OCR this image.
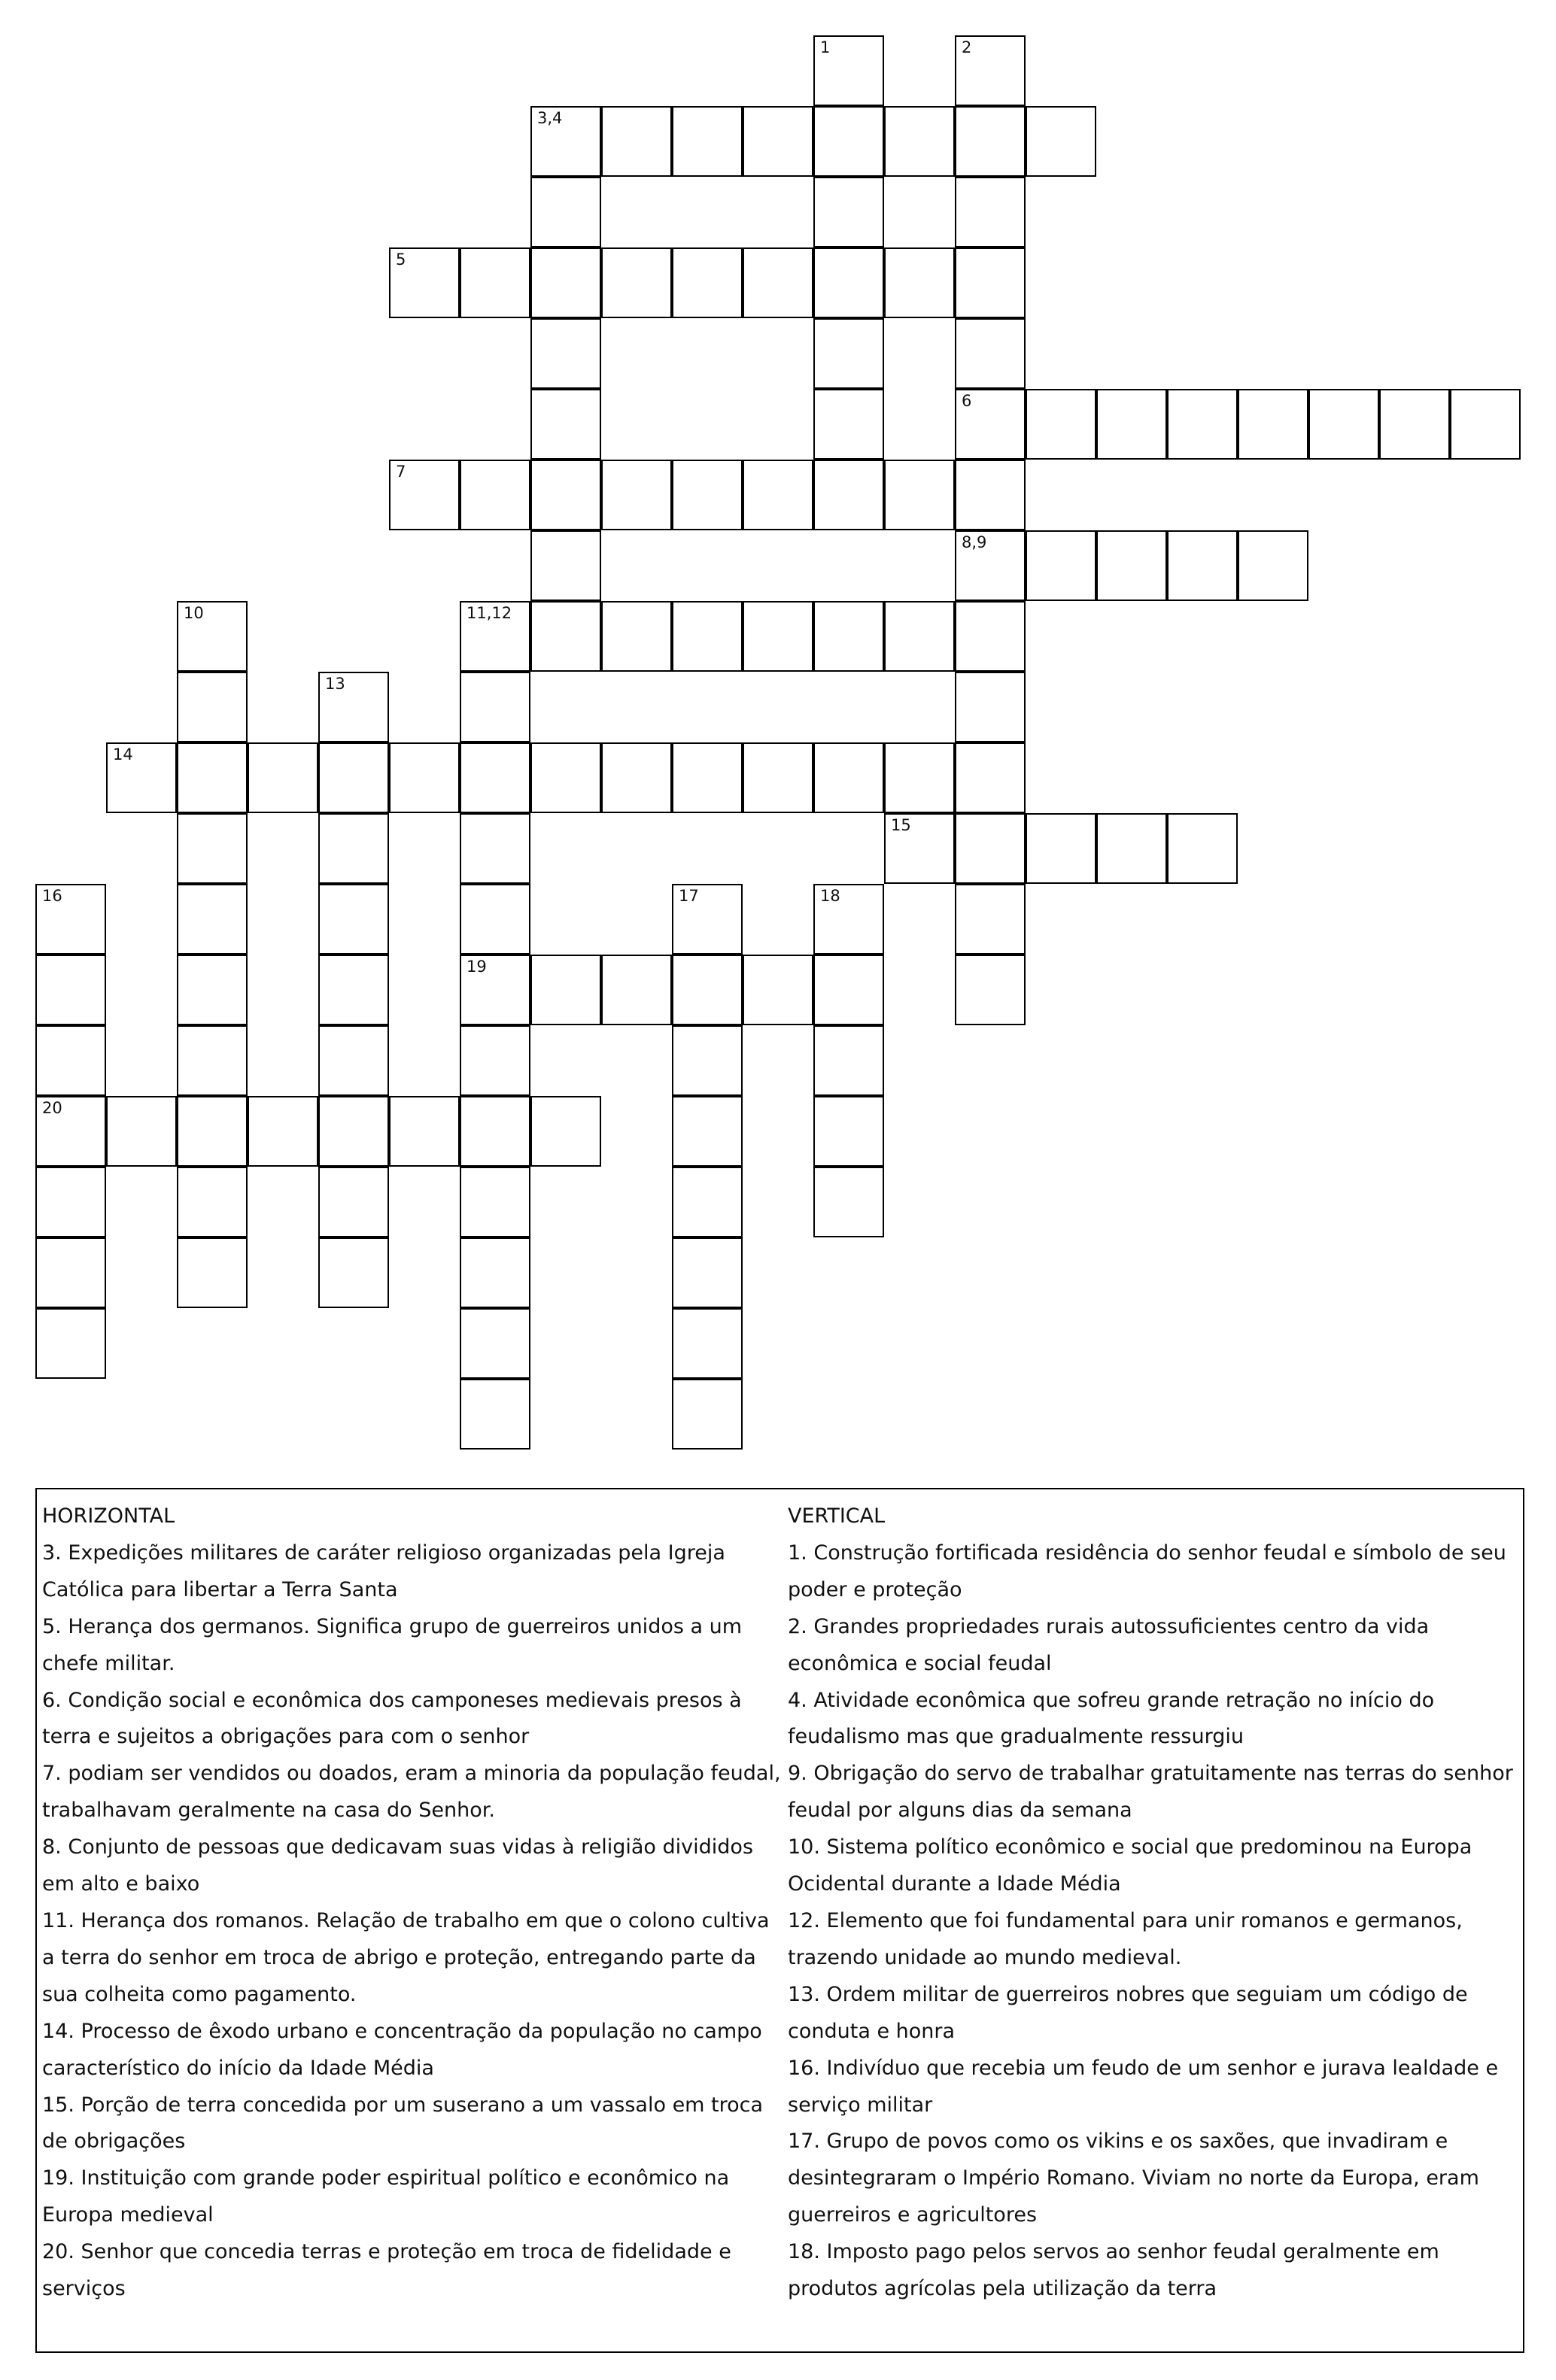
1	2
6
3,4
5
7
8,9
10	11,12
19
13
14
15
16
20
17	18
HORIZONTAL
3. Expedições militares de caráter religioso organizadas pela Igreja Católica para libertar a Terra Santa
5. Herança dos germanos. Significa grupo de guerreiros unidos a um chefe militar.
6. Condição social e econômica dos camponeses medievais presos à terra e sujeitos a obrigações para com o senhor
7. podiam ser vendidos ou doados, eram a minoria da população feudal, trabalhavam geralmente na casa do Senhor.
8. Conjunto de pessoas que dedicavam suas vidas à religião divididos em alto e baixo
11. Herança dos romanos. Relação de trabalho em que o colono cultiva a terra do senhor em troca de abrigo e proteção, entregando parte da sua colheita como pagamento.
14. Processo de êxodo urbano e concentração da população no campo característico do início da Idade Média
15. Porção de terra concedida por um suserano a um vassalo em troca de obrigações
19. Instituição com grande poder espiritual político e econômico na Europa medieval
20. Senhor que concedia terras e proteção em troca de fidelidade e serviços
VERTICAL
1. Construção fortificada residência do senhor feudal e símbolo de seu poder e proteção
2. Grandes propriedades rurais autossuficientes centro da vida econômica e social feudal
4. Atividade econômica que sofreu grande retração no início do feudalismo mas que gradualmente ressurgiu
9. Obrigação do servo de trabalhar gratuitamente nas terras do senhor feudal por alguns dias da semana
10. Sistema político econômico e social que predominou na Europa Ocidental durante a Idade Média
12. Elemento que foi fundamental para unir romanos e germanos, trazendo unidade ao mundo medieval.
13. Ordem militar de guerreiros nobres que seguiam um código de conduta e honra
16. Indivíduo que recebia um feudo de um senhor e jurava lealdade e serviço militar
17. Grupo de povos como os vikins e os saxões, que invadiram e desintegraram o Império Romano. Viviam no norte da Europa, eram guerreiros e agricultores
18. Imposto pago pelos servos ao senhor feudal geralmente em produtos agrícolas pela utilização da terra
